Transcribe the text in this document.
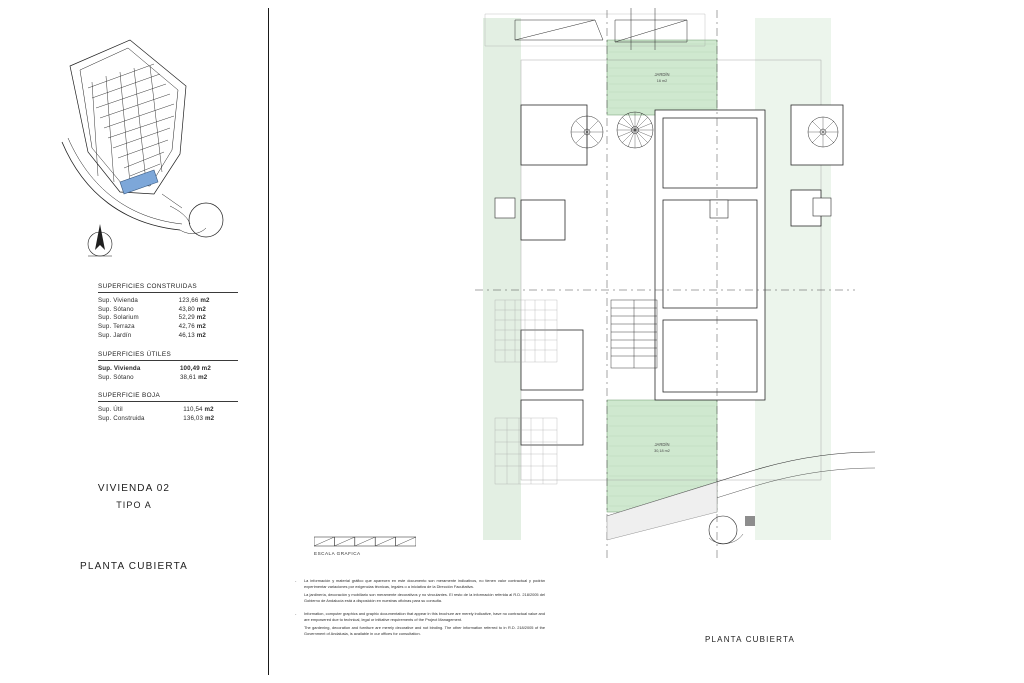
SUPERFICIES CONSTRUIDAS
Sup. Vivienda	123,66 m2
Sup. Sótano	43,80 m2
Sup. Solarium	52,29 m2
Sup. Terraza	42,76 m2
Sup. Jardín	46,13 m2
SUPERFICIES ÚTILES
Sup. Vivienda	100,49 m2
Sup. Sótano	38,61 m2
SUPERFICIE BOJA
Sup. Útil	110,54 m2
Sup. Construida	136,03 m2
VIVIENDA 02
TIPO A
PLANTA CUBIERTA
ESCALA GRAFICA
-	La información y material gráfico que aparecen en este documento son meramente indicativos, no tienen valor contractual y podrán experimentar variaciones por exigencias técnicas, legales o a iniciativa de la Dirección Facultativa.

La jardinería, decoración y mobiliario son meramente decorativos y no vinculantes. El resto de la información referida al R.D. 218/2005 del Gobierno de Andalucía está a disposición en nuestras oficinas para su consulta.

-	Information, computer graphics and graphic documentation that appear in this brochure are merely indicative, have no contractual value and are empowered due to technical, legal or initiative requirements of the Project Management.

The gardening, decoration and furniture are merely decorative and not binding. The other information referred to in R.D. 218/2005 of the Government of Andalusia, is available in our offices for consultation.

JARDÍN
16 m2
JARDÍN
30,18 m2
PLANTA CUBIERTA
